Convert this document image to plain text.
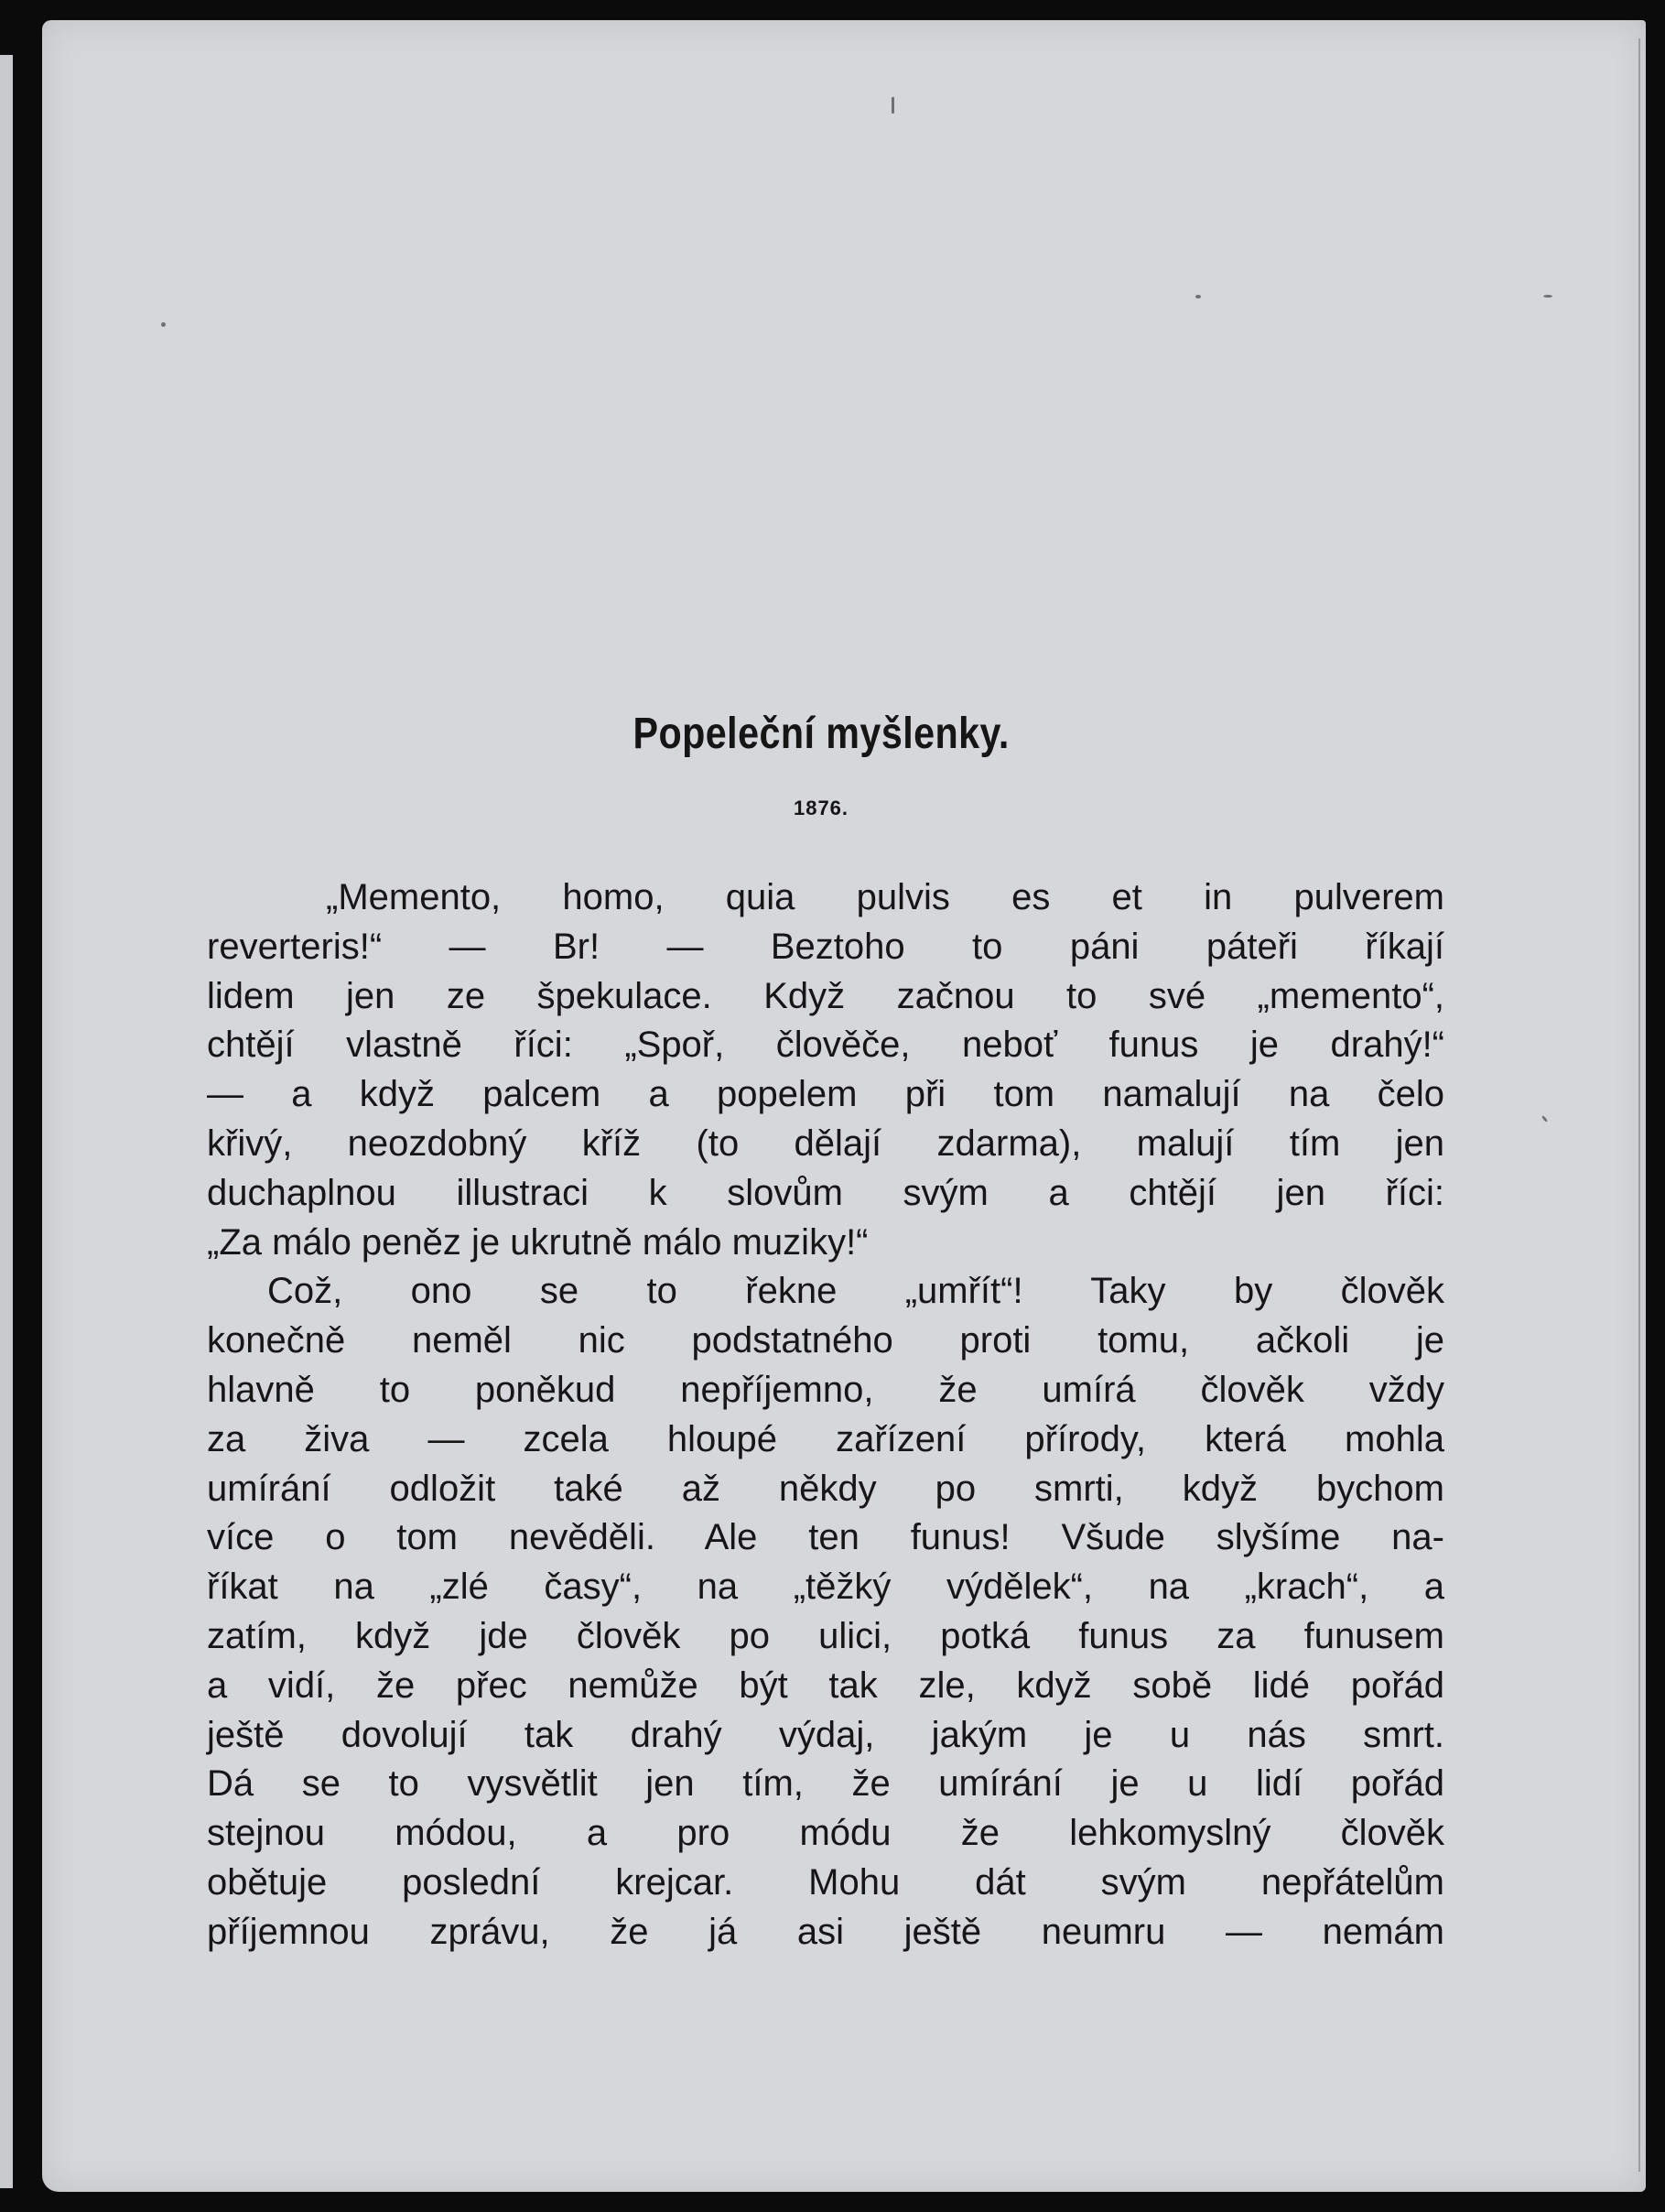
Popeleční myšlenky.
1876.
„Memento, homo, quia pulvis es et in pulverem
reverteris!“ — Br! — Beztoho to páni páteři říkají
lidem jen ze špekulace. Když začnou to své „memento“,
chtějí vlastně říci: „Spoř, člověče, neboť funus je drahý!“
— a když palcem a popelem při tom namalují na čelo
křivý, neozdobný kříž (to dělají zdarma), malují tím jen
duchaplnou illustraci k slovům svým a chtějí jen říci:
„Za málo peněz je ukrutně málo muziky!“
Což, ono se to řekne „umřít“! Taky by člověk
konečně neměl nic podstatného proti tomu, ačkoli je
hlavně to poněkud nepříjemno, že umírá člověk vždy
za živa — zcela hloupé zařízení přírody, která mohla
umírání odložit také až někdy po smrti, když bychom
více o tom nevěděli. Ale ten funus! Všude slyšíme na-
říkat na „zlé časy“, na „těžký výdělek“, na „krach“, a
zatím, když jde člověk po ulici, potká funus za funusem
a vidí, že přec nemůže být tak zle, když sobě lidé pořád
ještě dovolují tak drahý výdaj, jakým je u nás smrt.
Dá se to vysvětlit jen tím, že umírání je u lidí pořád
stejnou módou, a pro módu že lehkomyslný člověk
obětuje poslední krejcar. Mohu dát svým nepřátelům
příjemnou zprávu, že já asi ještě neumru — nemám
